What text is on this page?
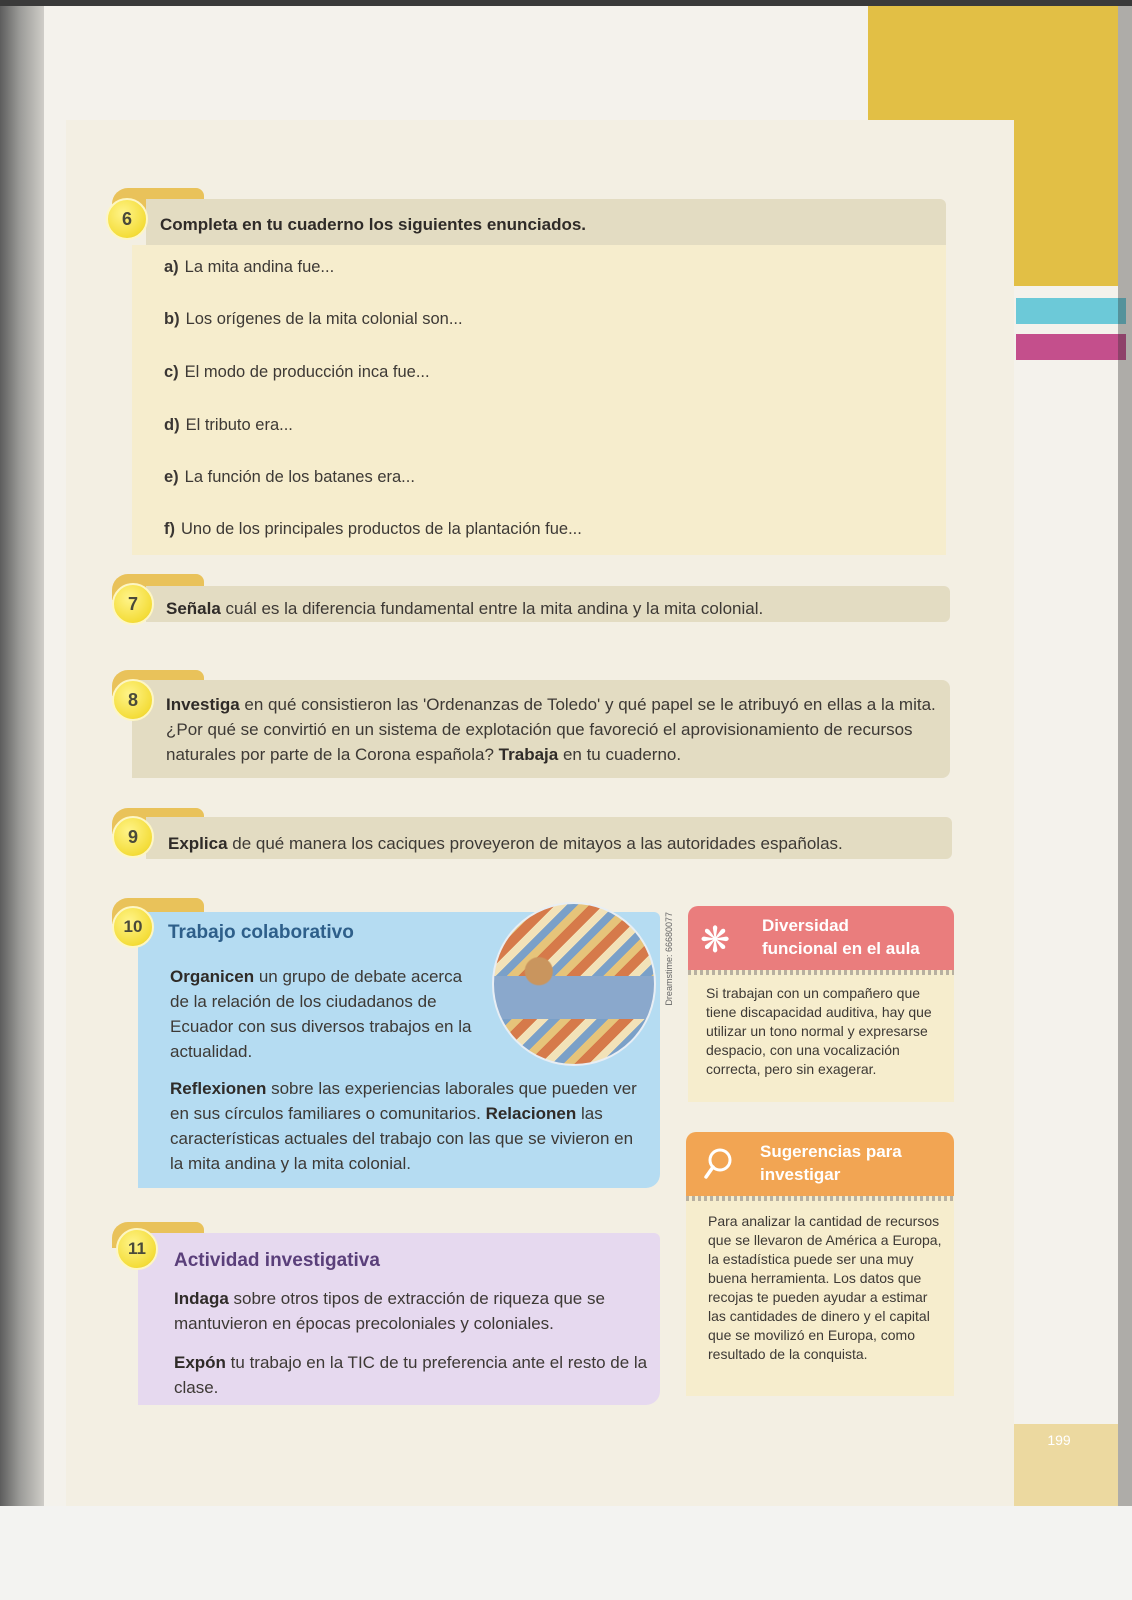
199
6	Completa en tu cuaderno los siguientes enunciados.
a) La mita andina fue...
b) Los orígenes de la mita colonial son...
c) El modo de producción inca fue...
d) El tributo era...
e) La función de los batanes era...
f) Uno de los principales productos de la plantación fue...
7	Señala cuál es la diferencia fundamental entre la mita andina y la mita colonial.
8	Investiga en qué consistieron las 'Ordenanzas de Toledo' y qué papel se le atribuyó en ellas a la mita. ¿Por qué se convirtió en un sistema de explotación que favoreció el aprovisionamiento de recursos naturales por parte de la Corona española? Trabaja en tu cuaderno.
9	Explica de qué manera los caciques proveyeron de mitayos a las autoridades españolas.
10	Trabajo colaborativo	Dreamstime: 66680077
Organicen un grupo de debate acerca de la relación de los ciudadanos de Ecuador con sus diversos trabajos en la actualidad.
Reflexionen sobre las experiencias laborales que pueden ver en sus círculos familiares o comunitarios. Relacionen las características actuales del trabajo con las que se vivieron en la mita andina y la mita colonial.
11
Actividad investigativa
Indaga sobre otros tipos de extracción de riqueza que se mantuvieron en épocas precoloniales y coloniales.
Expón tu trabajo en la TIC de tu preferencia ante el resto de la clase.
Diversidad
funcional en el aula
❋
Si trabajan con un compañero que tiene discapacidad auditiva, hay que utilizar un tono normal y expresarse despacio, con una vocalización correcta, pero sin exagerar.
Sugerencias para
investigar
Para analizar la cantidad de recursos que se llevaron de América a Europa, la estadística puede ser una muy buena herramienta. Los datos que recojas te pueden ayudar a estimar las cantidades de dinero y el capital que se movilizó en Europa, como resultado de la conquista.
